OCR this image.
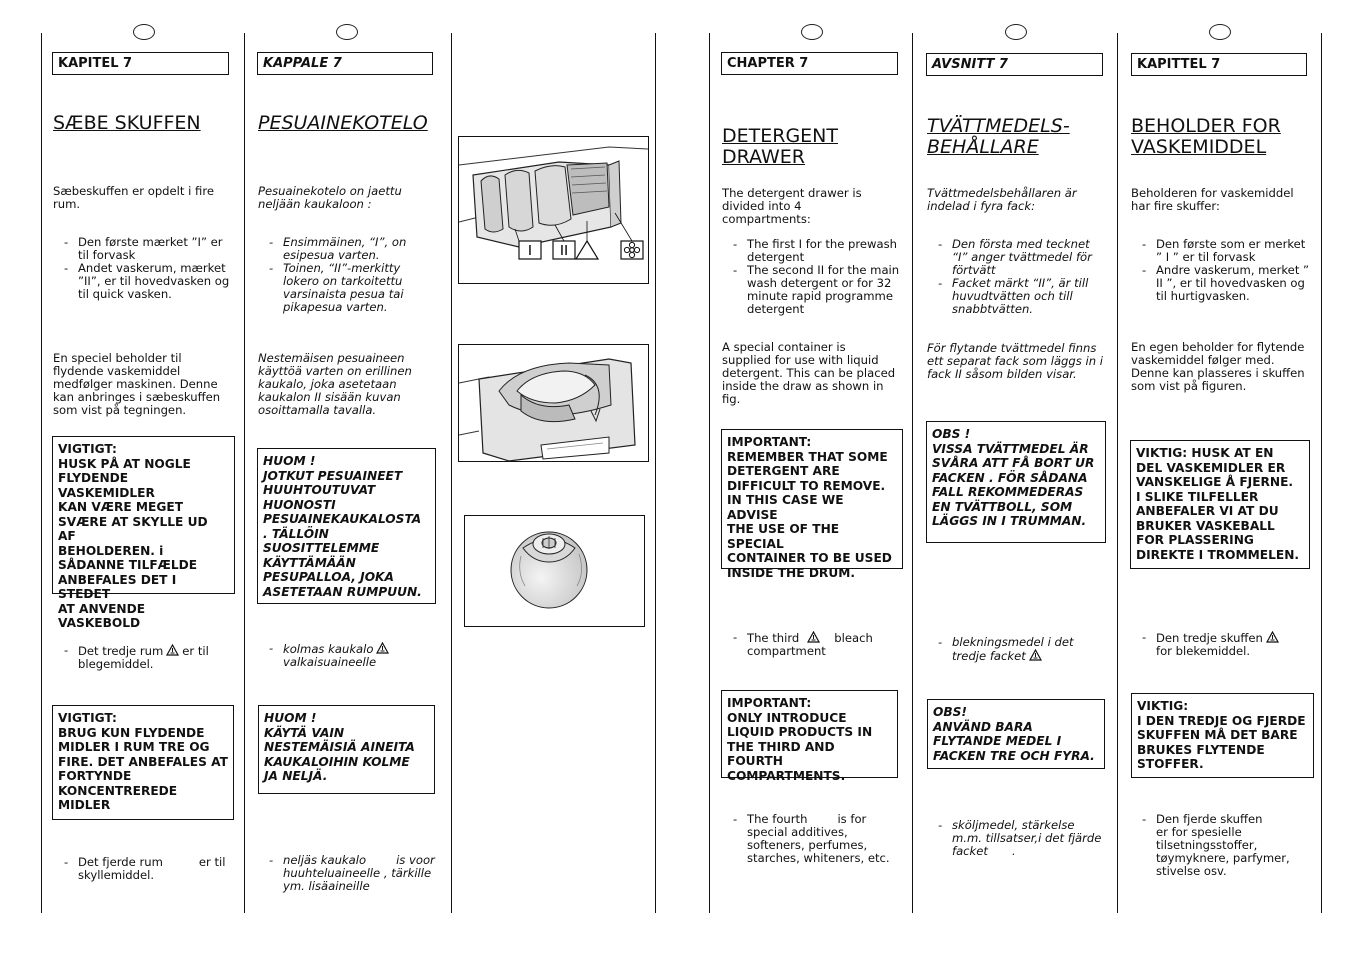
KAPITEL 7
SÆBE SKUFFEN
Sæbeskuffen er opdelt i fire rum.

- Den første mærket ”I” er til forvask

- Andet vaskerum, mærket ”II”, er til hovedvasken og til quick vasken.

En speciel beholder til flydende vaskemiddel medfølger maskinen. Denne kan anbringes i sæbeskuffen som vist på tegningen.
VIGTIGT:
HUSK PÅ AT NOGLE
FLYDENDE VASKEMIDLER
KAN VÆRE MEGET
SVÆRE AT SKYLLE UD AF
BEHOLDEREN. i
SÅDANNE TILFÆLDE
ANBEFALES DET I STEDET
AT ANVENDE
VASKEBOLD

- Det tredje rum er til blegemiddel.

VIGTIGT:
BRUG KUN FLYDENDE
MIDLER I RUM TRE OG
FIRE. DET ANBEFALES AT
FORTYNDE
KONCENTREREDE
MIDLER

- Det fjerde rum	er til skyllemiddel.

KAPPALE 7
PESUAINEKOTELO
Pesuainekotelo on jaettu neljään kaukaloon :

- Ensimmäinen, “I”, on esipesua varten.

- Toinen, “II”-merkitty lokero on tarkoitettu varsinaista pesua tai pikapesua varten.

Nestemäisen pesuaineen käyttöä varten on erillinen kaukalo, joka asetetaan kaukalon II sisään kuvan osoittamalla tavalla.
HUOM !
JOTKUT PESUAINEET
HUUHTOUTUVAT
HUONOSTI
PESUAINEKAUKALOSTA
. TÄLLÖIN
SUOSITTELEMME
KÄYTTÄMÄÄN
PESUPALLOA, JOKA
ASETETAAN RUMPUUN.

- kolmas kaukalo
valkaisuaineelle

HUOM !
KÄYTÄ VAIN
NESTEMÄISIÄ AINEITA
KAUKALOIHIN KOLME
JA NELJÄ.

- neljäs kaukalo	is voor huuhteluaineelle , tärkille ym. lisäaineille

I II
CHAPTER 7
DETERGENT DRAWER
The detergent drawer is divided into 4 compartments:

- The first I for the prewash detergent

- The second II for the main wash detergent or for 32 minute rapid programme detergent

A special container is supplied for use with liquid detergent. This can be placed inside the draw as shown in fig.
IMPORTANT:
REMEMBER THAT SOME
DETERGENT ARE
DIFFICULT TO REMOVE.
IN THIS CASE WE ADVISE
THE USE OF THE SPECIAL
CONTAINER TO BE USED
INSIDE THE DRUM.

- The third	bleach compartment

IMPORTANT:
ONLY INTRODUCE
LIQUID PRODUCTS IN
THE THIRD AND FOURTH
COMPARTMENTS.

- The fourth	is for special additives, softeners, perfumes, starches, whiteners, etc.

AVSNITT 7
TVÄTTMEDELS-BEHÅLLARE
Tvättmedelsbehållaren är indelad i fyra fack:

- Den första med tecknet “I” anger tvättmedel för förtvätt

- Facket märkt “II”, är till huvudtvätten och till snabbtvätten.

För flytande tvättmedel finns ett separat fack som läggs in i fack II såsom bilden visar.
OBS !
VISSA TVÄTTMEDEL ÄR
SVÅRA ATT FÅ BORT UR
FACKEN . FÖR SÅDANA
FALL REKOMMEDERAS
EN TVÄTTBOLL, SOM
LÄGGS IN I TRUMMAN.

- blekningsmedel i det tredje facket

OBS!
ANVÄND BARA
FLYTANDE MEDEL I
FACKEN TRE OCH FYRA.

- sköljmedel, stärkelse m.m. tillsatser,i det fjärde facket .

KAPITTEL 7
BEHOLDER FOR VASKEMIDDEL
Beholderen for vaskemiddel har fire skuffer:

- Den første som er merket ” I ” er til forvask

- Andre vaskerum, merket ” II ”, er til hovedvasken og til hurtigvasken.

En egen beholder for flytende vaskemiddel følger med. Denne kan plasseres i skuffen som vist på figuren.
VIKTIG: HUSK AT EN
DEL VASKEMIDLER ER
VANSKELIGE Å FJERNE.
I SLIKE TILFELLER
ANBEFALER VI AT DU
BRUKER VASKEBALL
FOR PLASSERING
DIREKTE I TROMMELEN.

- Den tredje skuffen
for blekemiddel.

VIKTIG:
I DEN TREDJE OG FJERDE
SKUFFEN MÅ DET BARE
BRUKES FLYTENDE
STOFFER.

- Den fjerde skuffen
er for spesielle tilsetningsstoffer, tøymyknere, parfymer, stivelse osv.
